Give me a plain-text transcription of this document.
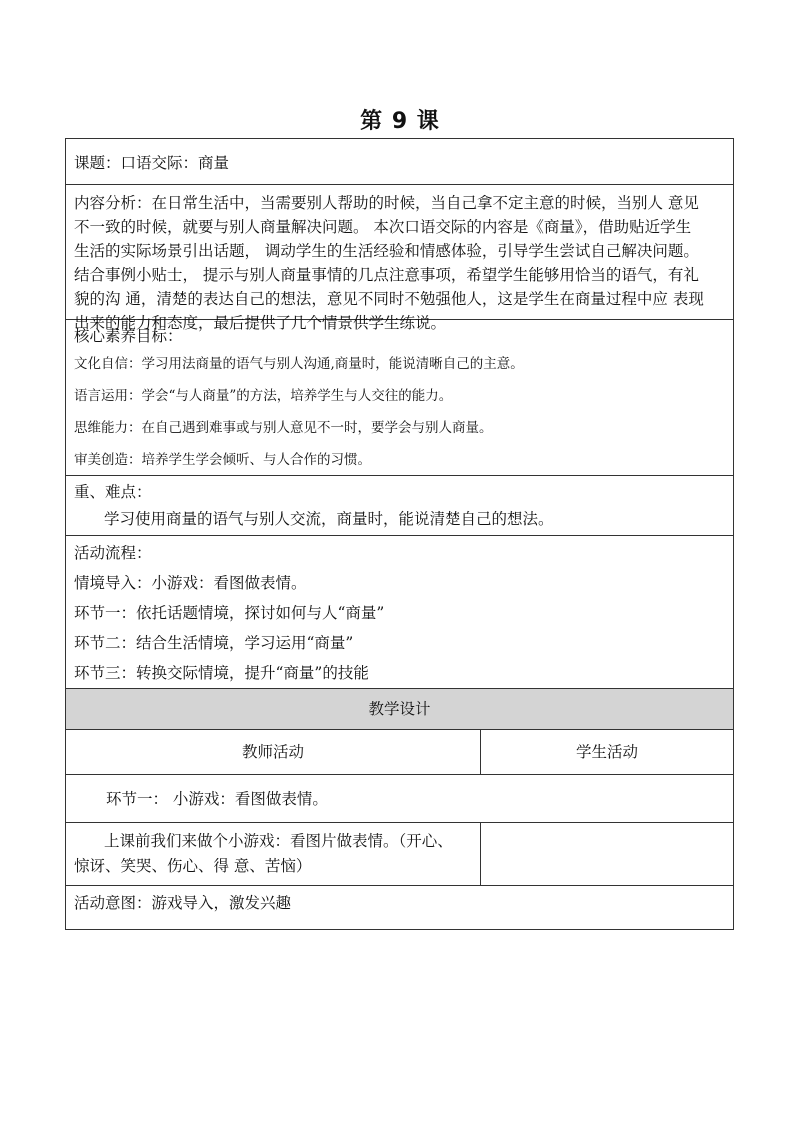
第 9 课
课题：口语交际：商量
内容分析：在日常生活中，当需要别人帮助的时候，当自己拿不定主意的时候，当别人 意见
不一致的时候，就要与别人商量解决问题。 本次口语交际的内容是《商量》，借助贴近学生
生活的实际场景引出话题， 调动学生的生活经验和情感体验，引导学生尝试自己解决问题。
结合事例小贴士， 提示与别人商量事情的几点注意事项，希望学生能够用恰当的语气，有礼
貌的沟 通，清楚的表达自己的想法，意见不同时不勉强他人，这是学生在商量过程中应 表现
出来的能力和态度，最后提供了几个情景供学生练说。
核心素养目标：
文化自信：学习用法商量的语气与别人沟通,商量时，能说清晰自己的主意。
语言运用：学会“与人商量”的方法，培养学生与人交往的能力。
思维能力：在自己遇到难事或与别人意见不一时，要学会与别人商量。
审美创造：培养学生学会倾听、与人合作的习惯。
重、难点：
学习使用商量的语气与别人交流，商量时，能说清楚自己的想法。
活动流程：
情境导入：小游戏：看图做表情。
环节一：依托话题情境，探讨如何与人“商量”
环节二：结合生活情境，学习运用“商量”
环节三：转换交际情境，提升“商量”的技能
教学设计
教师活动	学生活动
环节一： 小游戏：看图做表情。
上课前我们来做个小游戏：看图片做表情。（开心、
惊讶、笑哭、伤心、得 意、苦恼）
活动意图：游戏导入，激发兴趣
